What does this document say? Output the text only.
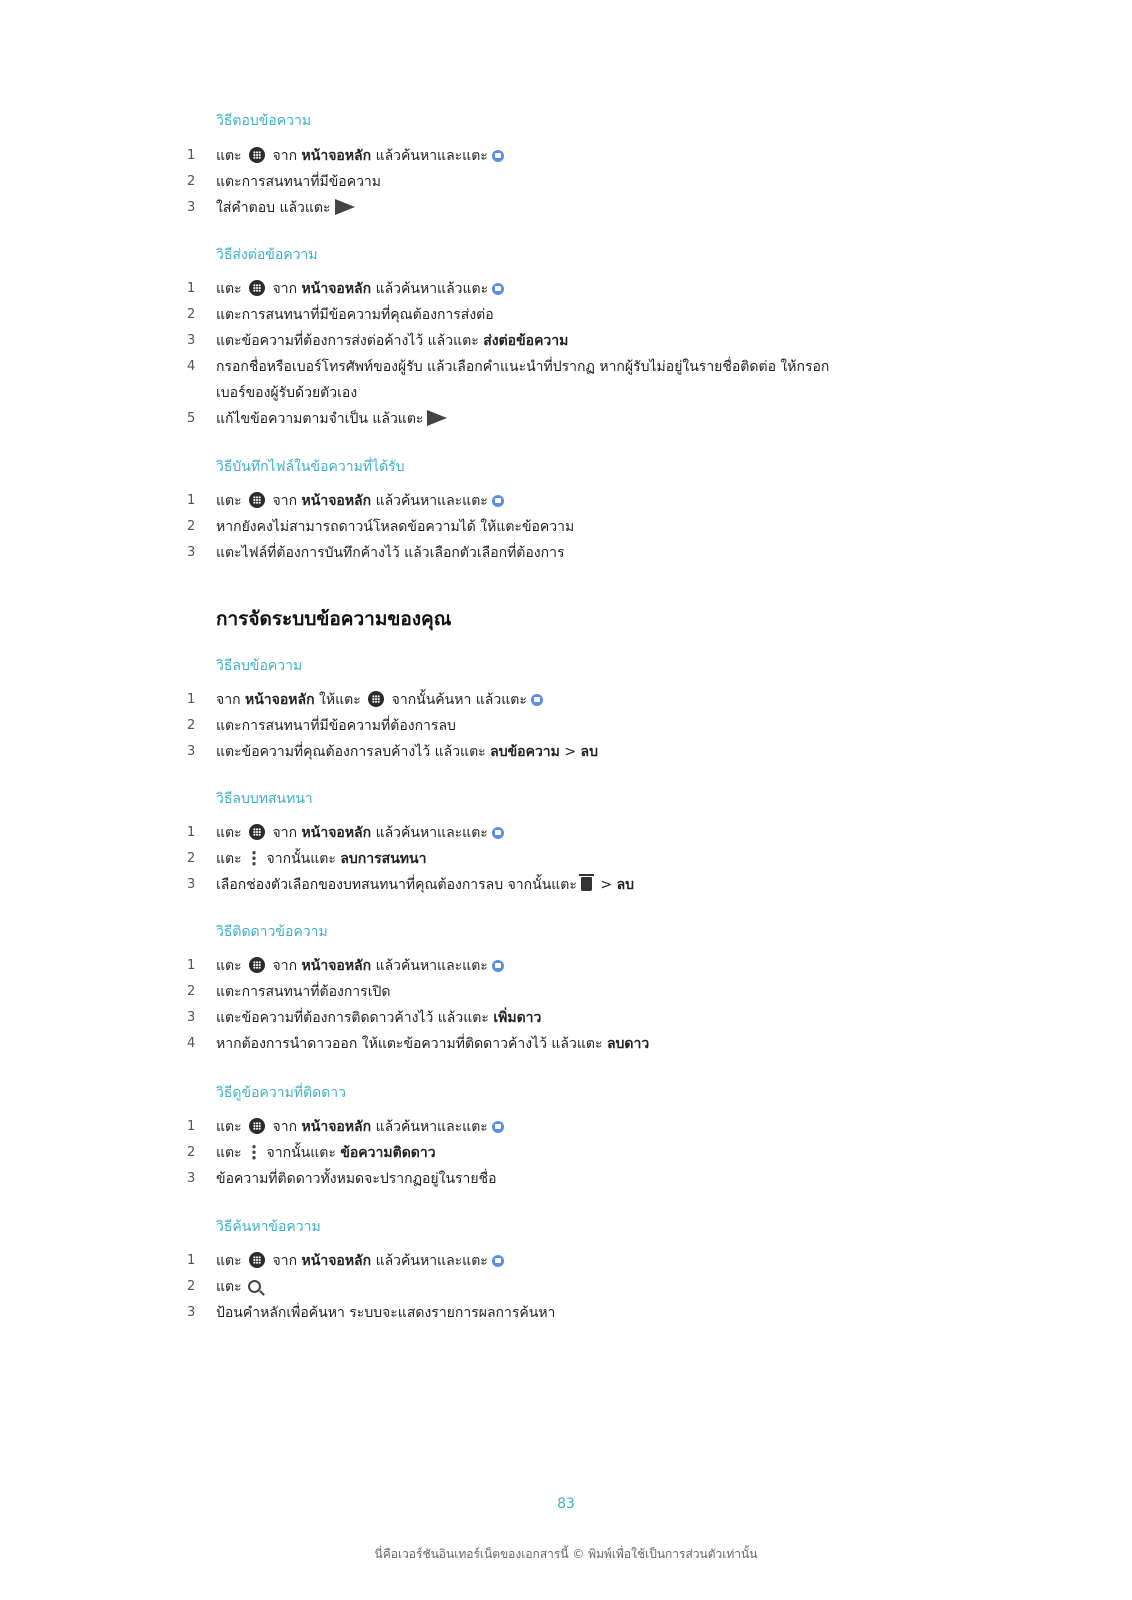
วิธีตอบข้อความ
1	แตะ จาก หน้าจอหลัก แล้วค้นหาและแตะ
2	แตะการสนทนาที่มีข้อความ
3	ใส่คำตอบ แล้วแตะ
วิธีส่งต่อข้อความ
1	แตะ จาก หน้าจอหลัก แล้วค้นหาแล้วแตะ
2	แตะการสนทนาที่มีข้อความที่คุณต้องการส่งต่อ
3	แตะข้อความที่ต้องการส่งต่อค้างไว้ แล้วแตะ ส่งต่อข้อความ
4	กรอกชื่อหรือเบอร์โทรศัพท์ของผู้รับ แล้วเลือกคำแนะนำที่ปรากฏ หากผู้รับไม่อยู่ในรายชื่อติดต่อ ให้กรอก
เบอร์ของผู้รับด้วยตัวเอง
5	แก้ไขข้อความตามจำเป็น แล้วแตะ
วิธีบันทึกไฟล์ในข้อความที่ได้รับ
1	แตะ จาก หน้าจอหลัก แล้วค้นหาและแตะ
2	หากยังคงไม่สามารถดาวน์โหลดข้อความได้ ให้แตะข้อความ
3	แตะไฟล์ที่ต้องการบันทึกค้างไว้ แล้วเลือกตัวเลือกที่ต้องการ
การจัดระบบข้อความของคุณ
วิธีลบข้อความ
1	จาก หน้าจอหลัก ให้แตะ จากนั้นค้นหา แล้วแตะ
2	แตะการสนทนาที่มีข้อความที่ต้องการลบ
3	แตะข้อความที่คุณต้องการลบค้างไว้ แล้วแตะ ลบข้อความ > ลบ
วิธีลบบทสนทนา
1	แตะ จาก หน้าจอหลัก แล้วค้นหาและแตะ
2	แตะ จากนั้นแตะ ลบการสนทนา
3	เลือกช่องตัวเลือกของบทสนทนาที่คุณต้องการลบ จากนั้นแตะ > ลบ
วิธีติดดาวข้อความ
1	แตะ จาก หน้าจอหลัก แล้วค้นหาและแตะ
2	แตะการสนทนาที่ต้องการเปิด
3	แตะข้อความที่ต้องการติดดาวค้างไว้ แล้วแตะ เพิ่มดาว
4	หากต้องการนำดาวออก ให้แตะข้อความที่ติดดาวค้างไว้ แล้วแตะ ลบดาว
วิธีดูข้อความที่ติดดาว
1	แตะ จาก หน้าจอหลัก แล้วค้นหาและแตะ
2	แตะ จากนั้นแตะ ข้อความติดดาว
3	ข้อความที่ติดดาวทั้งหมดจะปรากฏอยู่ในรายชื่อ
วิธีค้นหาข้อความ
1	แตะ จาก หน้าจอหลัก แล้วค้นหาและแตะ
2	แตะ
3	ป้อนคำหลักเพื่อค้นหา ระบบจะแสดงรายการผลการค้นหา
83
นี่คือเวอร์ชันอินเทอร์เน็ตของเอกสารนี้ © พิมพ์เพื่อใช้เป็นการส่วนตัวเท่านั้น
